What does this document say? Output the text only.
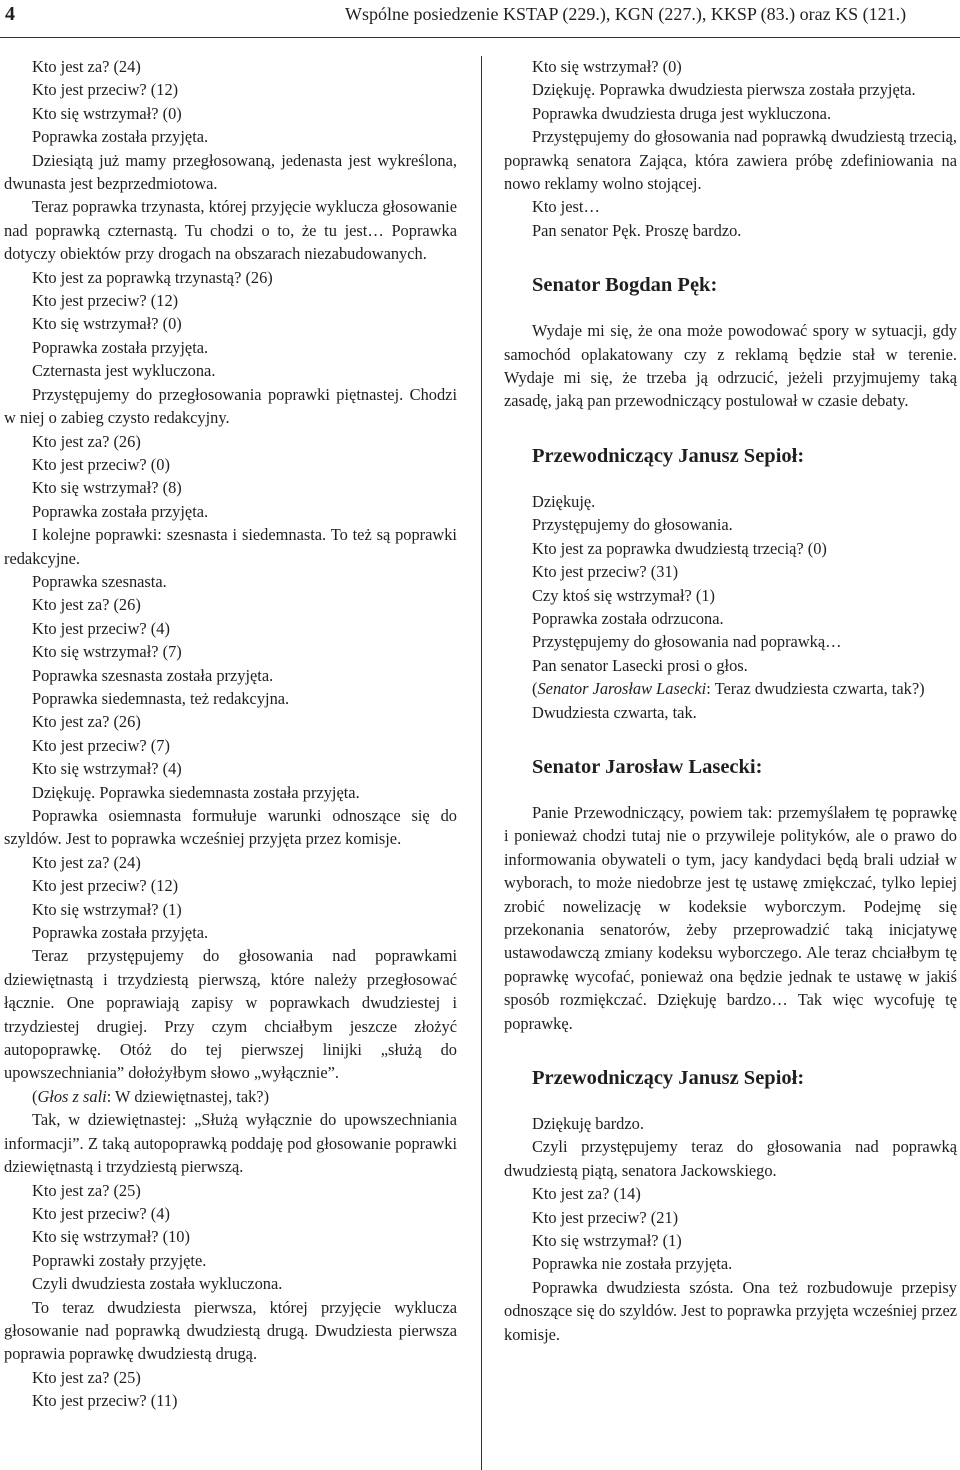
4	Wspólne posiedzenie KSTAP (229.), KGN (227.), KKSP (83.) oraz KS (121.)

Kto jest za? (24)

Kto jest przeciw? (12)

Kto się wstrzymał? (0)

Poprawka została przyjęta.

Dziesiątą już mamy przegłosowaną, jedenasta jest wykreślona, dwunasta jest bezprzedmiotowa.

Teraz poprawka trzynasta, której przyjęcie wyklucza głosowanie nad poprawką czternastą. Tu chodzi o to, że tu jest… Poprawka dotyczy obiektów przy drogach na obszarach niezabudowanych.

Kto jest za poprawką trzynastą? (26)

Kto jest przeciw? (12)

Kto się wstrzymał? (0)

Poprawka została przyjęta.

Czternasta jest wykluczona.

Przystępujemy do przegłosowania poprawki piętnastej. Chodzi w niej o zabieg czysto redakcyjny.

Kto jest za? (26)

Kto jest przeciw? (0)

Kto się wstrzymał? (8)

Poprawka została przyjęta.

I kolejne poprawki: szesnasta i siedemnasta. To też są poprawki redakcyjne.

Poprawka szesnasta.

Kto jest za? (26)

Kto jest przeciw? (4)

Kto się wstrzymał? (7)

Poprawka szesnasta została przyjęta.

Poprawka siedemnasta, też redakcyjna.

Kto jest za? (26)

Kto jest przeciw? (7)

Kto się wstrzymał? (4)

Dziękuję. Poprawka siedemnasta została przyjęta.

Poprawka osiemnasta formułuje warunki odnoszące się do szyldów. Jest to poprawka wcześniej przyjęta przez komisje.

Kto jest za? (24)

Kto jest przeciw? (12)

Kto się wstrzymał? (1)

Poprawka została przyjęta.

Teraz przystępujemy do głosowania nad poprawkami dziewiętnastą i trzydziestą pierwszą, które należy przegłosować łącznie. One poprawiają zapisy w poprawkach dwudziestej i trzydziestej drugiej. Przy czym chciałbym jeszcze złożyć autopoprawkę. Otóż do tej pierwszej linijki „służą do upowszechniania” dołożyłbym słowo „wyłącznie”.

(Głos z sali: W dziewiętnastej, tak?)

Tak, w dziewiętnastej: „Służą wyłącznie do upowszechniania informacji”. Z taką autopoprawką poddaję pod głosowanie poprawki dziewiętnastą i trzydziestą pierwszą.

Kto jest za? (25)

Kto jest przeciw? (4)

Kto się wstrzymał? (10)

Poprawki zostały przyjęte.

Czyli dwudziesta została wykluczona.

To teraz dwudziesta pierwsza, której przyjęcie wyklucza głosowanie nad poprawką dwudziestą drugą. Dwudziesta pierwsza poprawia poprawkę dwudziestą drugą.

Kto jest za? (25)

Kto jest przeciw? (11)

Kto się wstrzymał? (0)

Dziękuję. Poprawka dwudziesta pierwsza została przyjęta.

Poprawka dwudziesta druga jest wykluczona.

Przystępujemy do głosowania nad poprawką dwudziestą trzecią, poprawką senatora Zająca, która zawiera próbę zdefiniowania na nowo reklamy wolno stojącej.

Kto jest…

Pan senator Pęk. Proszę bardzo.

Senator Bogdan Pęk:

Wydaje mi się, że ona może powodować spory w sytuacji, gdy samochód oplakatowany czy z reklamą będzie stał w terenie. Wydaje mi się, że trzeba ją odrzucić, jeżeli przyjmujemy taką zasadę, jaką pan przewodniczący postulował w czasie debaty.

Przewodniczący Janusz Sepioł:

Dziękuję.

Przystępujemy do głosowania.

Kto jest za poprawka dwudziestą trzecią? (0)

Kto jest przeciw? (31)

Czy ktoś się wstrzymał? (1)

Poprawka została odrzucona.

Przystępujemy do głosowania nad poprawką…

Pan senator Lasecki prosi o głos.

(Senator Jarosław Lasecki: Teraz dwudziesta czwarta, tak?)

Dwudziesta czwarta, tak.

Senator Jarosław Lasecki:

Panie Przewodniczący, powiem tak: przemyślałem tę poprawkę i ponieważ chodzi tutaj nie o przywileje polityków, ale o prawo do informowania obywateli o tym, jacy kandydaci będą brali udział w wyborach, to może niedobrze jest tę ustawę zmiękczać, tylko lepiej zrobić nowelizację w kodeksie wyborczym. Podejmę się przekonania senatorów, żeby przeprowadzić taką inicjatywę ustawodawczą zmiany kodeksu wyborczego. Ale teraz chciałbym tę poprawkę wycofać, ponieważ ona będzie jednak te ustawę w jakiś sposób rozmiękczać. Dziękuję bardzo… Tak więc wycofuję tę poprawkę.

Przewodniczący Janusz Sepioł:

Dziękuję bardzo.

Czyli przystępujemy teraz do głosowania nad poprawką dwudziestą piątą, senatora Jackowskiego.

Kto jest za? (14)

Kto jest przeciw? (21)

Kto się wstrzymał? (1)

Poprawka nie została przyjęta.

Poprawka dwudziesta szósta. Ona też rozbudowuje przepisy odnoszące się do szyldów. Jest to poprawka przyjęta wcześniej przez komisje.
